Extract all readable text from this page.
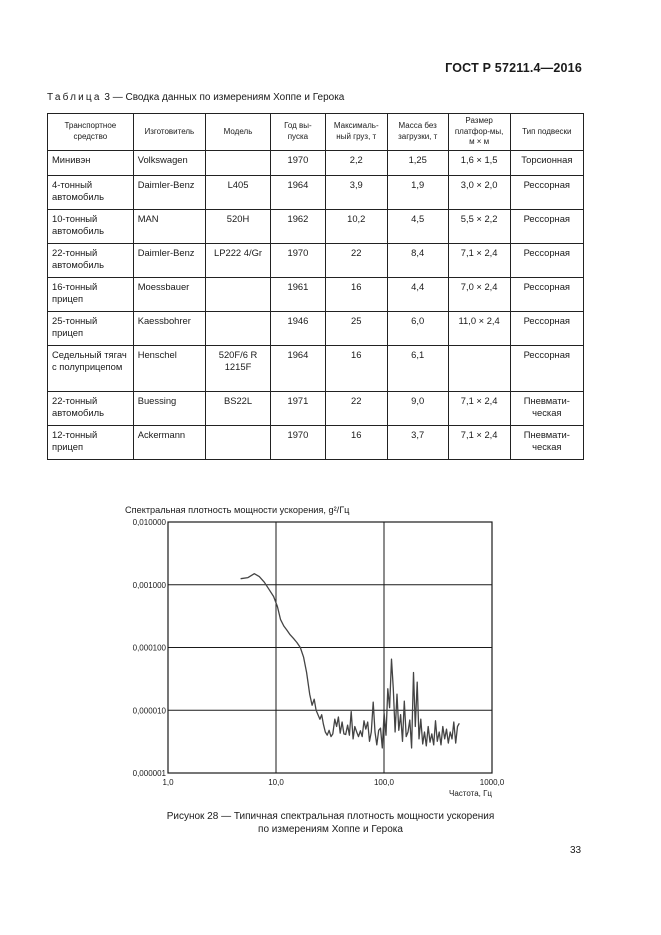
ГОСТ Р 57211.4—2016
Таблица 3 — Сводка данных по измерениям Хоппе и Герока
Транспортное средство	Изготовитель	Модель	Год вы-пуска	Максималь-ный груз, т	Масса без загрузки, т	Размер платфор-мы, м × м	Тип подвески
Минивэн	Volkswagen		1970	2,2	1,25	1,6 × 1,5	Торсионная
4-тонный автомобиль	Daimler-Benz	L405	1964	3,9	1,9	3,0 × 2,0	Рессорная
10-тонный автомобиль	MAN	520H	1962	10,2	4,5	5,5 × 2,2	Рессорная
22-тонный автомобиль	Daimler-Benz	LP222 4/Gr	1970	22	8,4	7,1 × 2,4	Рессорная
16-тонный прицеп	Moessbauer		1961	16	4,4	7,0 × 2,4	Рессорная
25-тонный прицеп	Kaessbohrer		1946	25	6,0	11,0 × 2,4	Рессорная
Седельный тягач с полуприцепом	Henschel	520F/6 R 1215F	1964	16	6,1		Рессорная
22-тонный автомобиль	Buessing	BS22L	1971	22	9,0	7,1 × 2,4	Пневмати-ческая
12-тонный прицеп	Ackermann		1970	16	3,7	7,1 × 2,4	Пневмати-ческая
Спектральная плотность мощности ускорения, g²/Гц
1,0	10,0	100,0	1000,0
0,000001
0,000010
0,000100
0,001000
0,010000
Частота, Гц
Рисунок 28 — Типичная спектральная плотность мощности ускорения
по измерениям Хоппе и Герока
33
